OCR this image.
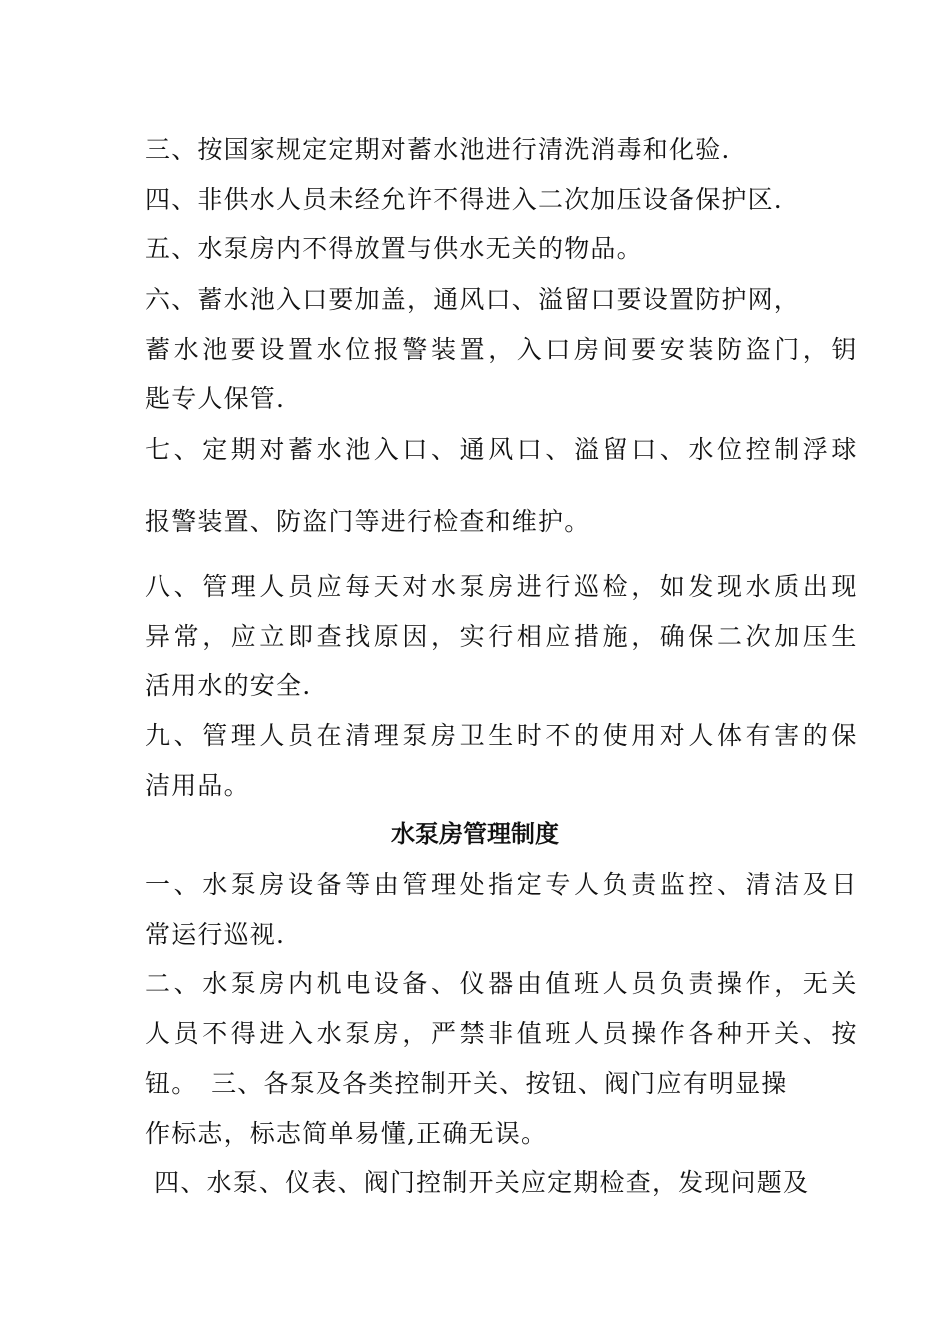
三、按国家规定定期对蓄水池进行清洗消毒和化验.
四、非供水人员未经允许不得进入二次加压设备保护区.
五、水泵房内不得放置与供水无关的物品。
六、蓄水池入口要加盖，通风口、溢留口要设置防护网，
蓄水池要设置水位报警装置，入口房间要安装防盗门，钥
匙专人保管.
七、定期对蓄水池入口、通风口、溢留口、水位控制浮球
报警装置、防盗门等进行检查和维护。
八、管理人员应每天对水泵房进行巡检，如发现水质出现
异常，应立即查找原因，实行相应措施，确保二次加压生
活用水的安全.
九、管理人员在清理泵房卫生时不的使用对人体有害的保
洁用品。
水泵房管理制度
一、水泵房设备等由管理处指定专人负责监控、清洁及日
常运行巡视.
二、水泵房内机电设备、仪器由值班人员负责操作，无关
人员不得进入水泵房，严禁非值班人员操作各种开关、按
钮。　三、各泵及各类控制开关、按钮、阀门应有明显操
作标志，标志简单易懂,正确无误。
四、水泵、仪表、阀门控制开关应定期检查，发现问题及
